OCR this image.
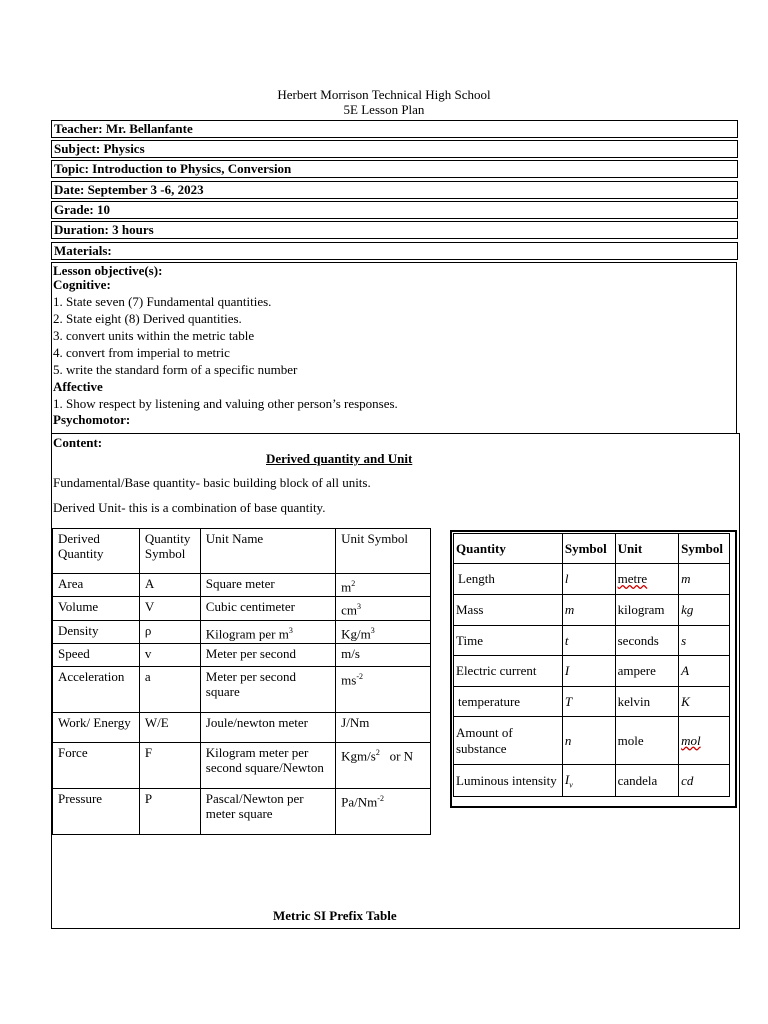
Herbert Morrison Technical High School
5E Lesson Plan
Teacher: Mr. Bellanfante
Subject: Physics
Topic: Introduction to Physics, Conversion
Date: September 3 -6, 2023
Grade: 10
Duration: 3 hours
Materials:
Lesson objective(s):
Cognitive:
1. State seven (7) Fundamental quantities.
2. State eight (8) Derived quantities.
3. convert units within the metric table
4. convert from imperial to metric
5. write the standard form of a specific number
Affective
1. Show respect by listening and valuing other person’s responses.
Psychomotor:
Content:
Derived quantity and Unit
Fundamental/Base quantity- basic building block of all units.
Derived Unit- this is a combination of base quantity.
Derived Quantity	Quantity Symbol	Unit Name	Unit Symbol
Area	A	Square meter	$m^2$
Volume	V	Cubic centimeter	$cm^3$
Density	ρ	Kilogram per $m^3$	$Kg/m^3$
Speed	v	Meter per second	m/s
Acceleration	a	Meter per second square	$ms^{-2}$
Work/ Energy	W/E	Joule/newton meter	J/Nm
Force	F	Kilogram meter per second square/Newton	Kgm/$s^2$   or N
Pressure	P	Pascal/Newton per meter square	$Pa/Nm^{-2}$
Quantity	Symbol	Unit	Symbol
Length	l	metre	m
Mass	m	kilogram	kg
Time	t	seconds	s
Electric current	I	ampere	A
temperature	T	kelvin	K
Amount of substance	n	mole	mol
Luminous intensity	$I_v$	candela	cd
Metric SI Prefix Table
